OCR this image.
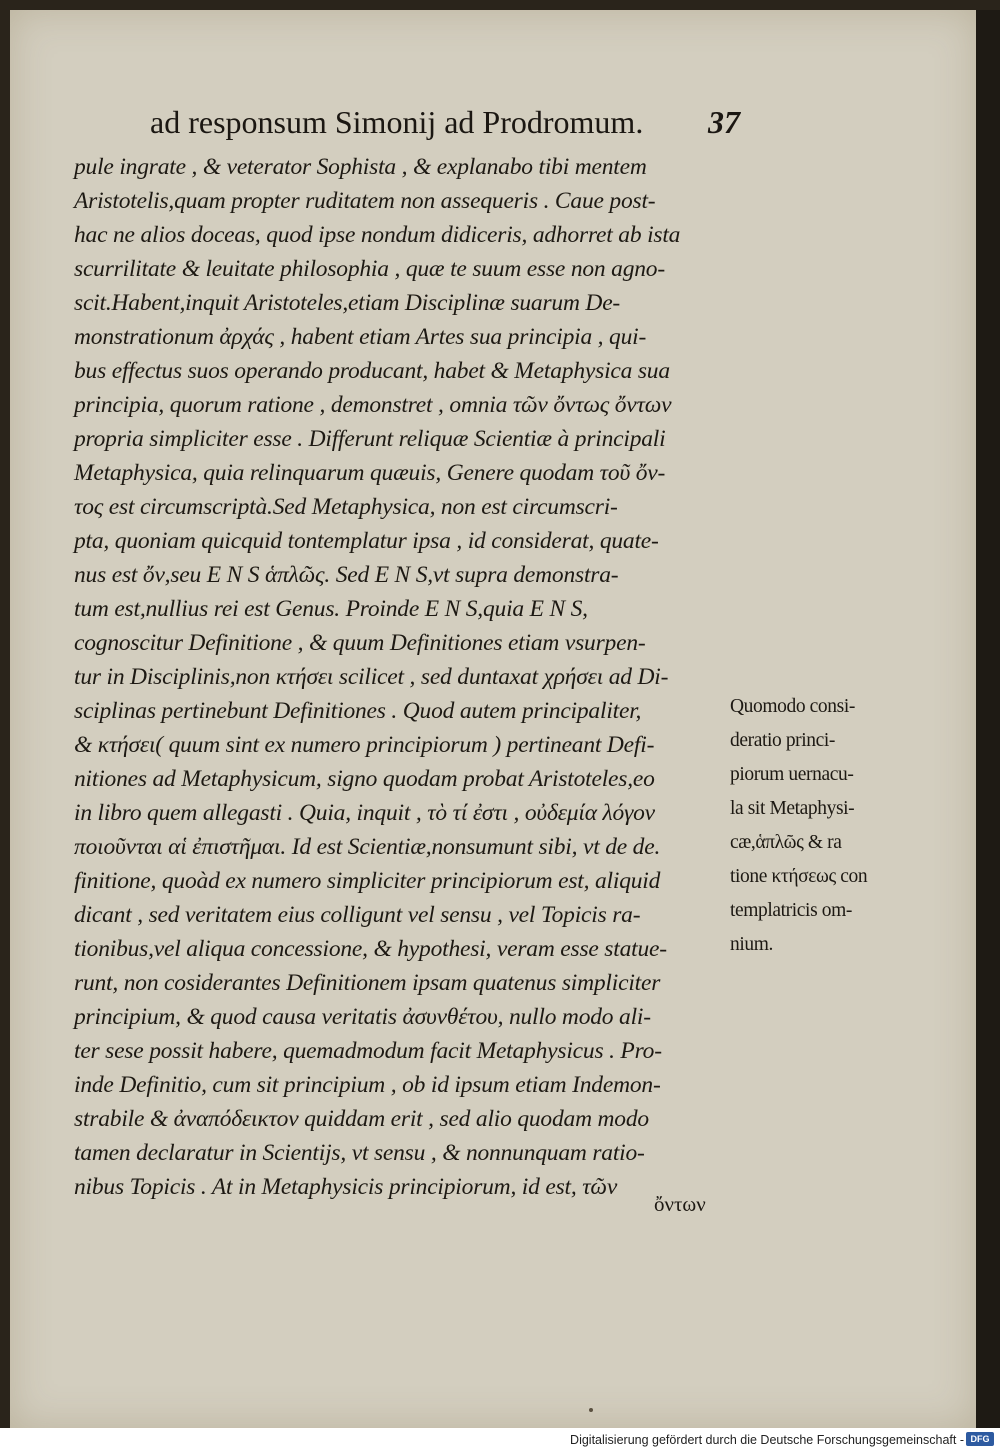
ad responsum Simonij ad Prodromum. 37
pule ingrate , & veterator Sophista , & explanabo tibi mentem
Aristotelis,quam propter ruditatem non assequeris . Caue post-
hac ne alios doceas, quod ipse nondum didiceris, adhorret ab ista
scurrilitate & leuitate philosophia , quæ te suum esse non agno-
scit.Habent,inquit Aristoteles,etiam Disciplinæ suarum De-
monstrationum ἀρχάς , habent etiam Artes sua principia , qui-
bus effectus suos operando producant, habet & Metaphysica sua
principia, quorum ratione , demonstret , omnia τῶν ὄντως ὄντων
propria simpliciter esse . Differunt reliquæ Scientiæ à principali
Metaphysica, quia relinquarum quæuis, Genere quodam τοῦ ὄν-
τος est circumscriptà.Sed Metaphysica, non est circumscri-
pta, quoniam quicquid tontemplatur ipsa , id considerat, quate-
nus est ὄν,seu E N S ἁπλῶς. Sed E N S,vt supra demonstra-
tum est,nullius rei est Genus. Proinde E N S,quia E N S,
cognoscitur Definitione , & quum Definitiones etiam vsurpen-
tur in Disciplinis,non κτήσει scilicet , sed duntaxat χρήσει ad Di-
sciplinas pertinebunt Definitiones . Quod autem principaliter,
& κτήσει( quum sint ex numero principiorum ) pertineant Defi-
nitiones ad Metaphysicum, signo quodam probat Aristoteles,eo
in libro quem allegasti . Quia, inquit , τὸ τί ἐστι , οὐδεμία λόγον
ποιοῦνται αἱ ἐπιστῆμαι. Id est Scientiæ,nonsumunt sibi, vt de de.
finitione, quoàd ex numero simpliciter principiorum est, aliquid
dicant , sed veritatem eius colligunt vel sensu , vel Topicis ra-
tionibus,vel aliqua concessione, & hypothesi, veram esse statue-
runt, non cosiderantes Definitionem ipsam quatenus simpliciter
principium, & quod causa veritatis ἀσυνθέτου, nullo modo ali-
ter sese possit habere, quemadmodum facit Metaphysicus . Pro-
inde Definitio, cum sit principium , ob id ipsum etiam Indemon-
strabile & ἀναπόδεικτον quiddam erit , sed alio quodam modo
tamen declaratur in Scientijs, vt sensu , & nonnunquam ratio-
nibus Topicis . At in Metaphysicis principiorum, id est, τῶν
Quomodo consi-
deratio princi-
piorum uernacu-
la sit Metaphysi-
cæ,ἁπλῶς & ra
tione κτήσεως con
templatricis om-
nium.
ὄντων
Digitalisierung gefördert durch die Deutsche Forschungsgemeinschaft - DFG
